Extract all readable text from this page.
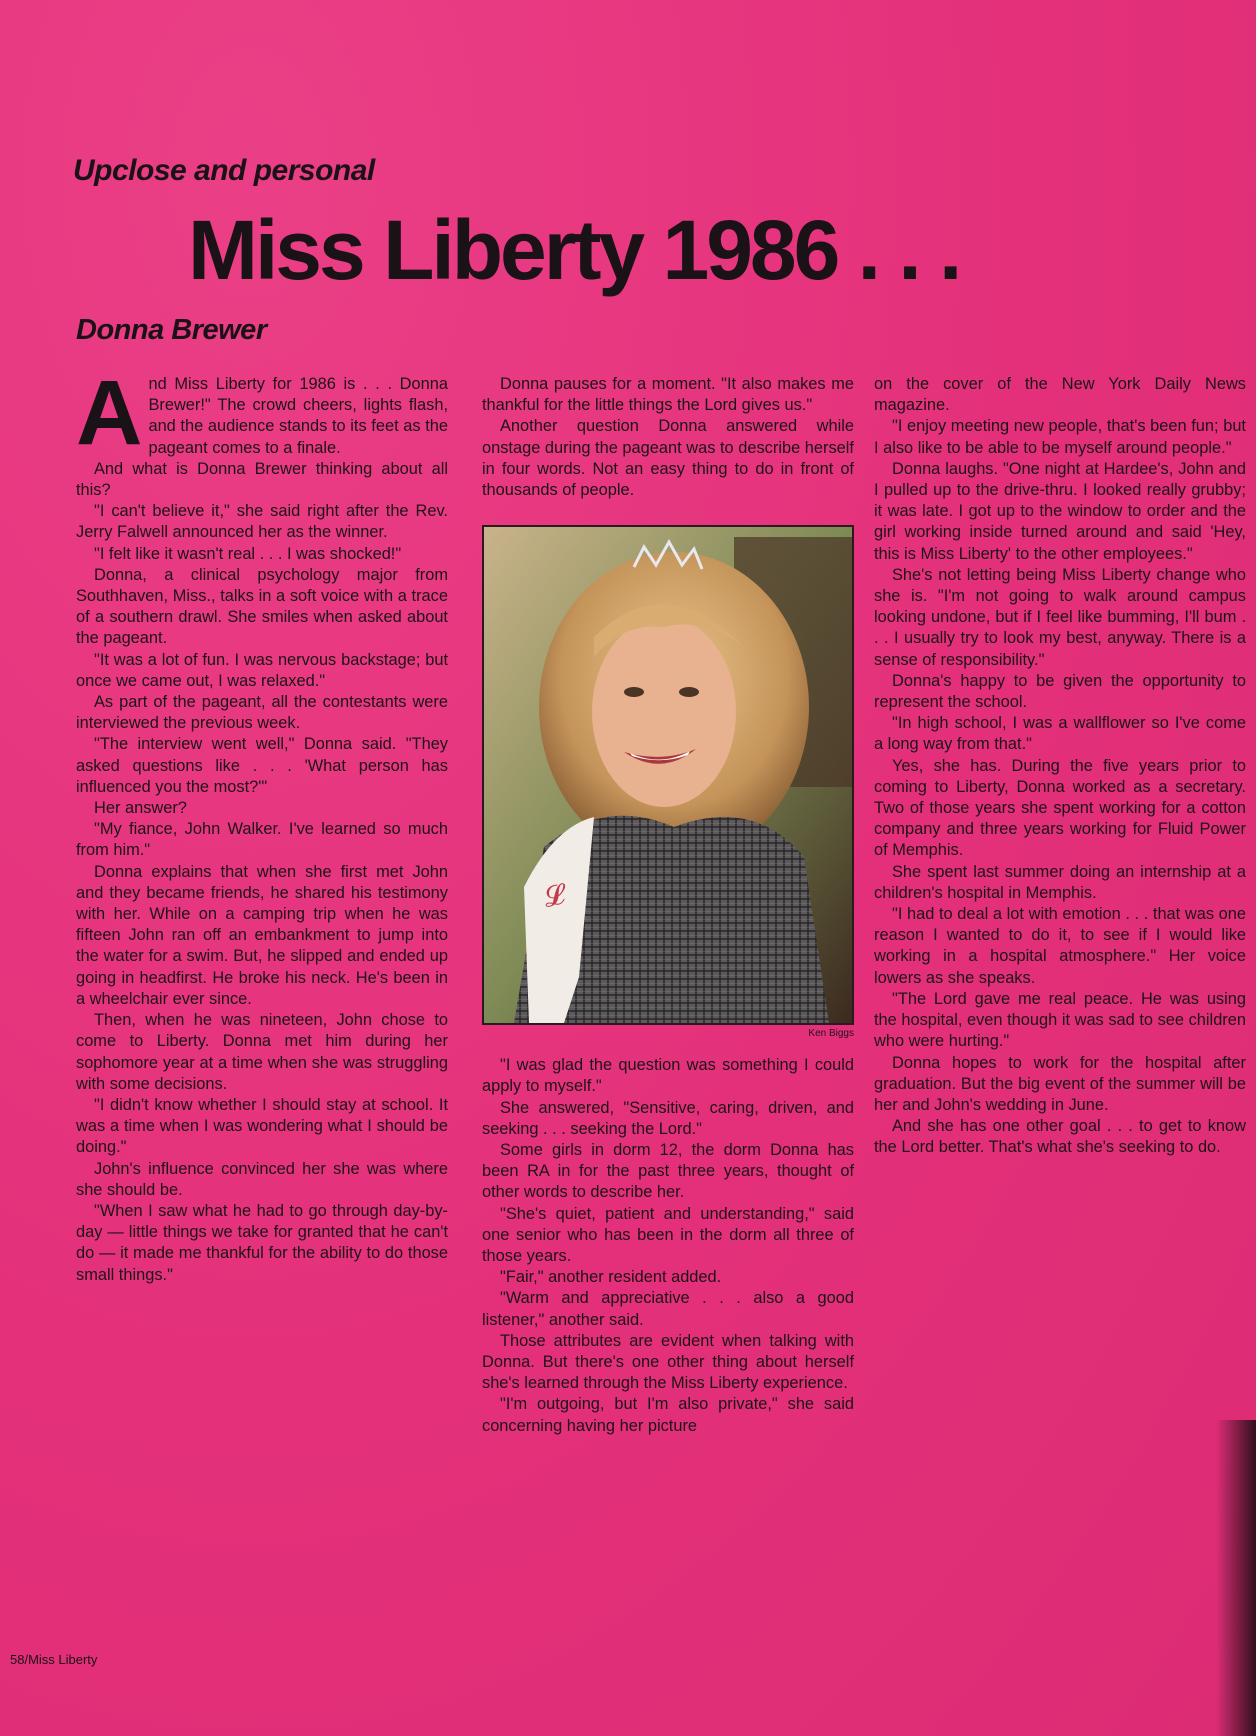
Upclose and personal
Miss Liberty 1986 . . .
Donna Brewer

And Miss Liberty for 1986 is . . . Donna Brewer!" The crowd cheers, lights flash, and the audience stands to its feet as the pageant comes to a finale.

And what is Donna Brewer thinking about all this?

"I can't believe it," she said right after the Rev. Jerry Falwell announced her as the winner.

"I felt like it wasn't real . . . I was shocked!"

Donna, a clinical psychology major from Southhaven, Miss., talks in a soft voice with a trace of a southern drawl. She smiles when asked about the pageant.

"It was a lot of fun. I was nervous backstage; but once we came out, I was relaxed."

As part of the pageant, all the contestants were interviewed the previous week.

"The interview went well," Donna said. "They asked questions like . . . 'What person has influenced you the most?'"

Her answer?

"My fiance, John Walker. I've learned so much from him."

Donna explains that when she first met John and they became friends, he shared his testimony with her. While on a camping trip when he was fifteen John ran off an embankment to jump into the water for a swim. But, he slipped and ended up going in headfirst. He broke his neck. He's been in a wheelchair ever since.

Then, when he was nineteen, John chose to come to Liberty. Donna met him during her sophomore year at a time when she was struggling with some decisions.

"I didn't know whether I should stay at school. It was a time when I was wondering what I should be doing."

John's influence convinced her she was where she should be.

"When I saw what he had to go through day-by-day — little things we take for granted that he can't do — it made me thankful for the ability to do those small things."

Donna pauses for a moment. "It also makes me thankful for the little things the Lord gives us."

Another question Donna answered while onstage during the pageant was to describe herself in four words. Not an easy thing to do in front of thousands of people.

𝓛
Ken Biggs

"I was glad the question was something I could apply to myself."

She answered, "Sensitive, caring, driven, and seeking . . . seeking the Lord."

Some girls in dorm 12, the dorm Donna has been RA in for the past three years, thought of other words to describe her.

"She's quiet, patient and understanding," said one senior who has been in the dorm all three of those years.

"Fair," another resident added.

"Warm and appreciative . . . also a good listener," another said.

Those attributes are evident when talking with Donna. But there's one other thing about herself she's learned through the Miss Liberty experience.

"I'm outgoing, but I'm also private," she said concerning having her picture

on the cover of the New York Daily News magazine.

"I enjoy meeting new people, that's been fun; but I also like to be able to be myself around people."

Donna laughs. "One night at Hardee's, John and I pulled up to the drive-thru. I looked really grubby; it was late. I got up to the window to order and the girl working inside turned around and said 'Hey, this is Miss Liberty' to the other employees."

She's not letting being Miss Liberty change who she is. "I'm not going to walk around campus looking undone, but if I feel like bumming, I'll bum . . . I usually try to look my best, anyway. There is a sense of responsibility."

Donna's happy to be given the opportunity to represent the school.

"In high school, I was a wallflower so I've come a long way from that."

Yes, she has. During the five years prior to coming to Liberty, Donna worked as a secretary. Two of those years she spent working for a cotton company and three years working for Fluid Power of Memphis.

She spent last summer doing an internship at a children's hospital in Memphis.

"I had to deal a lot with emotion . . . that was one reason I wanted to do it, to see if I would like working in a hospital atmosphere." Her voice lowers as she speaks.

"The Lord gave me real peace. He was using the hospital, even though it was sad to see children who were hurting."

Donna hopes to work for the hospital after graduation. But the big event of the summer will be her and John's wedding in June.

And she has one other goal . . . to get to know the Lord better. That's what she's seeking to do.

58/Miss Liberty
